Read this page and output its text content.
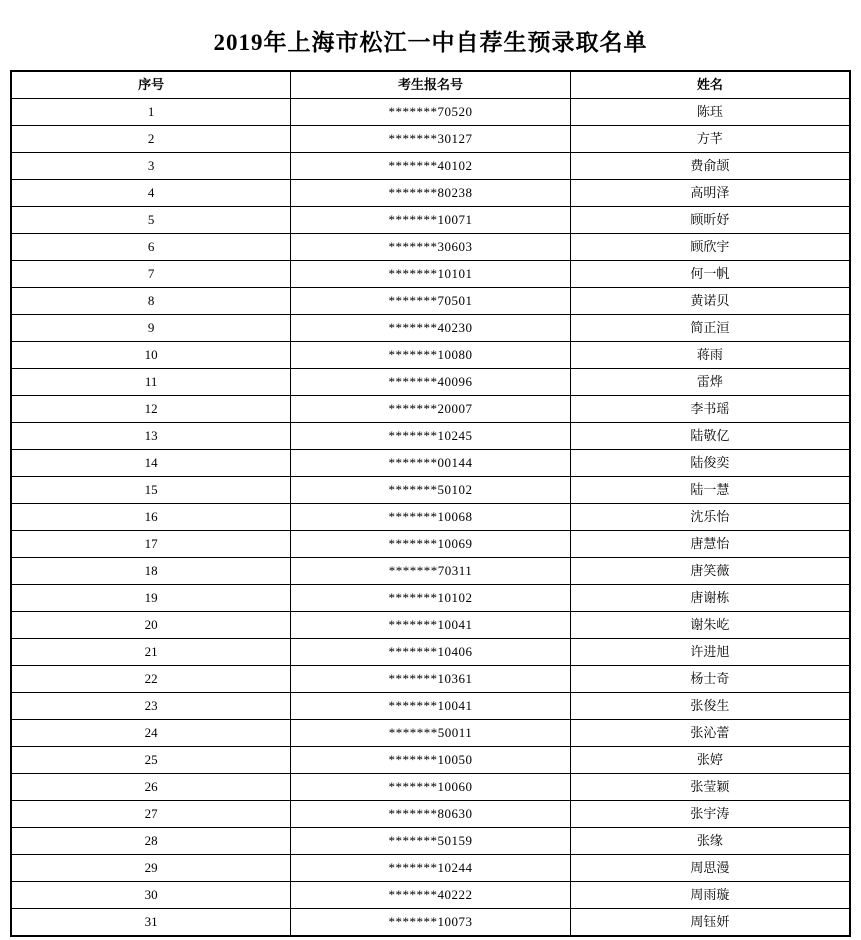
2019年上海市松江一中自荐生预录取名单
序号	考生报名号	姓名
1	*******70520	陈珏
2	*******30127	方芊
3	*******40102	费俞颉
4	*******80238	高明泽
5	*******10071	顾昕妤
6	*******30603	顾欣宇
7	*******10101	何一帆
8	*******70501	黄诺贝
9	*******40230	简正洹
10	*******10080	蒋雨
11	*******40096	雷烨
12	*******20007	李书瑶
13	*******10245	陆敬亿
14	*******00144	陆俊奕
15	*******50102	陆一慧
16	*******10068	沈乐怡
17	*******10069	唐慧怡
18	*******70311	唐笑薇
19	*******10102	唐谢栋
20	*******10041	谢朱屹
21	*******10406	许进旭
22	*******10361	杨士奇
23	*******10041	张俊生
24	*******50011	张沁蕾
25	*******10050	张婷
26	*******10060	张莹颖
27	*******80630	张宇涛
28	*******50159	张缘
29	*******10244	周思漫
30	*******40222	周雨璇
31	*******10073	周钰妍
